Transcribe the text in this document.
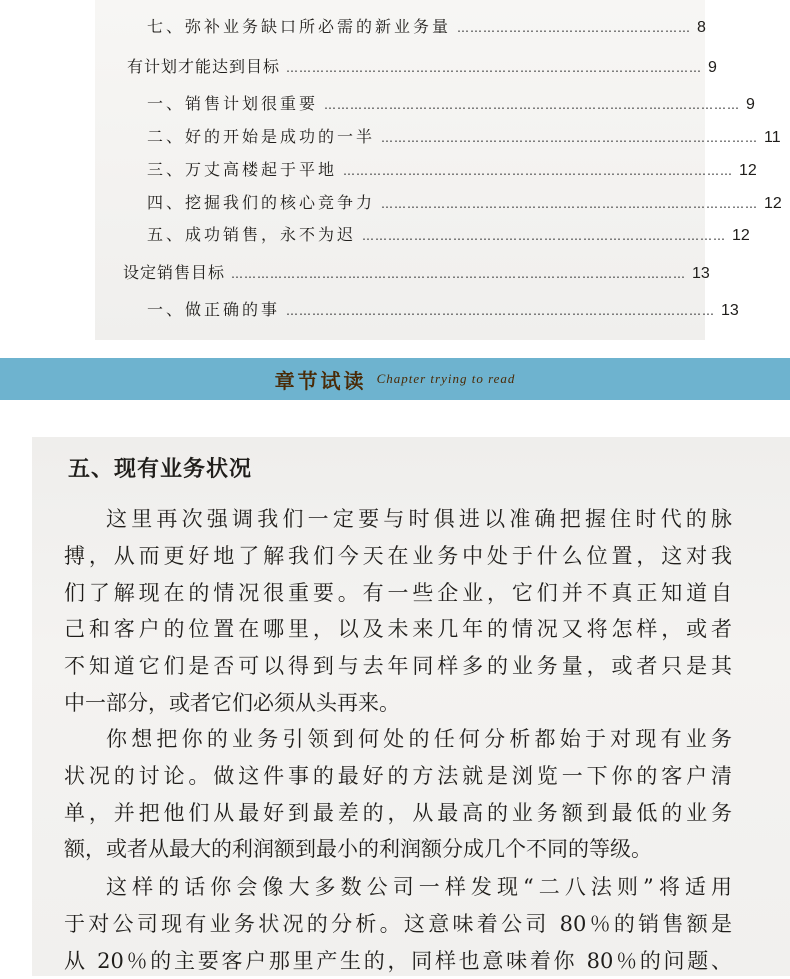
七、弥补业务缺口所必需的新业务量 ……………………………………………… 8
有计划才能达到目标 …………………………………………………………………………………… 9
一、销售计划很重要 …………………………………………………………………………………… 9
二、好的开始是成功的一半 …………………………………………………………………………… 11
三、万丈高楼起于平地 ……………………………………………………………………………… 12
四、挖掘我们的核心竞争力 …………………………………………………………………………… 12
五、成功销售，永不为迟 ………………………………………………………………………… 12
设定销售目标 …………………………………………………………………………………………… 13
一、做正确的事 ……………………………………………………………………………………… 13
章节试读 Chapter trying to read
五、现有业务状况
这里再次强调我们一定要与时俱进以准确把握住时代的脉
搏，从而更好地了解我们今天在业务中处于什么位置，这对我
们了解现在的情况很重要。有一些企业，它们并不真正知道自
己和客户的位置在哪里，以及未来几年的情况又将怎样，或者
不知道它们是否可以得到与去年同样多的业务量，或者只是其
中一部分，或者它们必须从头再来。
你想把你的业务引领到何处的任何分析都始于对现有业务
状况的讨论。做这件事的最好的方法就是浏览一下你的客户清
单，并把他们从最好到最差的，从最高的业务额到最低的业务
额，或者从最大的利润额到最小的利润额分成几个不同的等级。
这样的话你会像大多数公司一样发现“二八法则”将适用
于对公司现有业务状况的分析。这意味着公司 80％的销售额是
从 20％的主要客户那里产生的，同样也意味着你 80％的问题、
